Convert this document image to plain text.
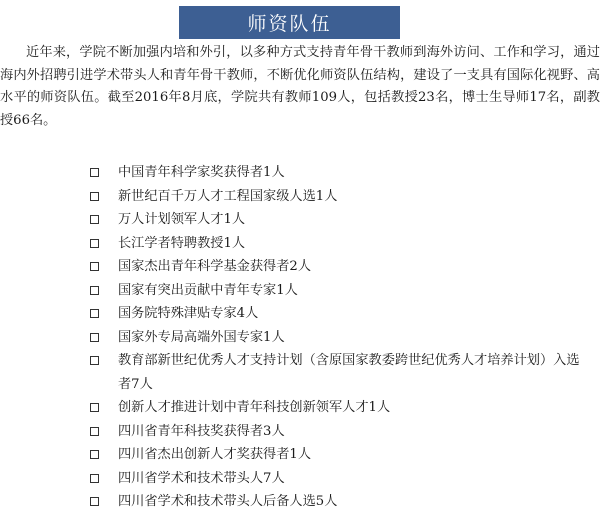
师资队伍

近年来，学院不断加强内培和外引，以多种方式支持青年骨干教师到海外访问、工作和学习，通过海内外招聘引进学术带头人和青年骨干教师，不断优化师资队伍结构，建设了一支具有国际化视野、高水平的师资队伍。截至2016年8月底，学院共有教师109人，包括教授23名，博士生导师17名，副教授66名。

中国青年科学家奖获得者1人
新世纪百千万人才工程国家级人选1人
万人计划领军人才1人
长江学者特聘教授1人
国家杰出青年科学基金获得者2人
国家有突出贡献中青年专家1人
国务院特殊津贴专家4人
国家外专局高端外国专家1人
教育部新世纪优秀人才支持计划（含原国家教委跨世纪优秀人才培养计划）入选者7人
创新人才推进计划中青年科技创新领军人才1人
四川省青年科技奖获得者3人
四川省杰出创新人才奖获得者1人
四川省学术和技术带头人7人
四川省学术和技术带头人后备人选5人
